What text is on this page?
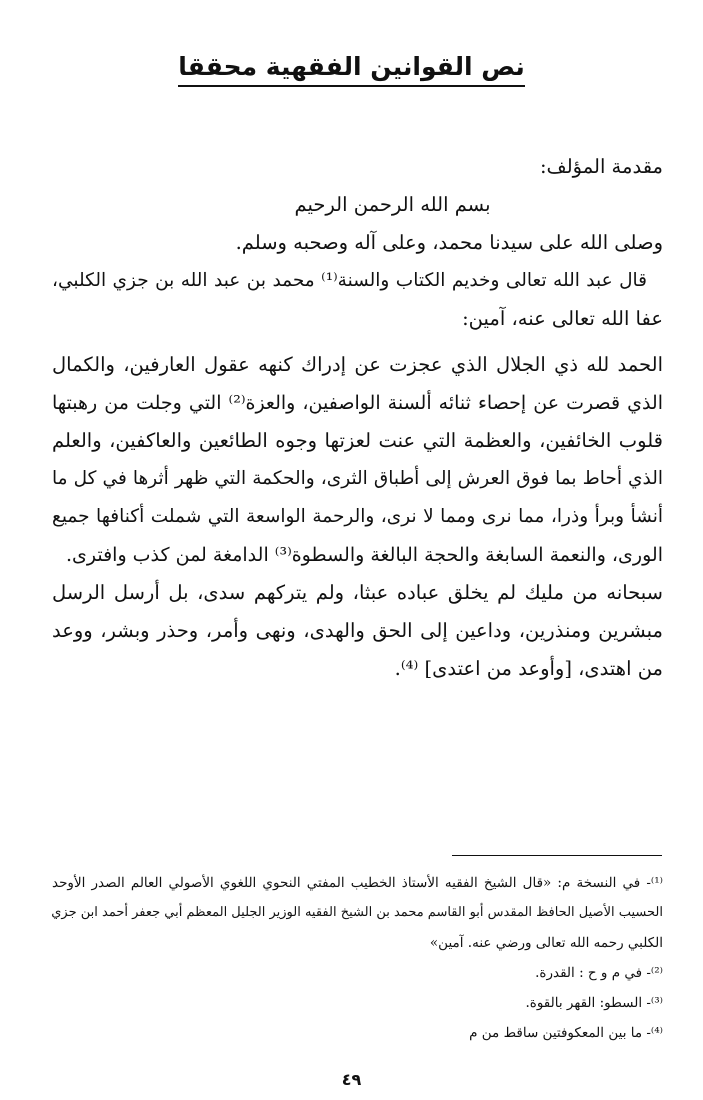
نص القوانين الفقهية محققا
مقدمة المؤلف:
بسم الله الرحمن الرحيم
وصلى الله على سيدنا محمد، وعلى آله وصحبه وسلم.
قال عبد الله تعالى وخديم الكتاب والسنة⁽¹⁾ محمد بن عبد الله بن جزي الكلبي،
عفا الله تعالى عنه، آمين:
الحمد لله ذي الجلال الذي عجزت عن إدراك كنهه عقول العارفين، والكمال
الذي قصرت عن إحصاء ثنائه ألسنة الواصفين، والعزة⁽²⁾ التي وجلت من رهبتها
قلوب الخائفين، والعظمة التي عنت لعزتها وجوه الطائعين والعاكفين، والعلم
الذي أحاط بما فوق العرش إلى أطباق الثرى، والحكمة التي ظهر أثرها في كل ما
أنشأ وبرأ وذرا، مما نرى ومما لا نرى، والرحمة الواسعة التي شملت أكنافها جميع
الورى، والنعمة السابغة والحجة البالغة والسطوة⁽³⁾ الدامغة لمن كذب وافترى.
سبحانه من مليك لم يخلق عباده عبثا، ولم يتركهم سدى، بل أرسل الرسل
مبشرين ومنذرين، وداعين إلى الحق والهدى، ونهى وأمر، وحذر وبشر، ووعد
من اهتدى، [وأوعد من اعتدى] ⁽⁴⁾.
⁽¹⁾- في النسخة م: «قال الشيخ الفقيه الأستاذ الخطيب المفتي النحوي اللغوي الأصولي العالم الصدر الأوحد
الحسيب الأصيل الحافظ المقدس أبو القاسم محمد بن الشيخ الفقيه الوزير الجليل المعظم أبي جعفر أحمد ابن جزي
الكلبي رحمه الله تعالى ورضي عنه. آمين»
⁽²⁾- في م و ح : القدرة.
⁽³⁾- السطو: القهر بالقوة.
⁽⁴⁾- ما بين المعكوفتين ساقط من م
٤٩
